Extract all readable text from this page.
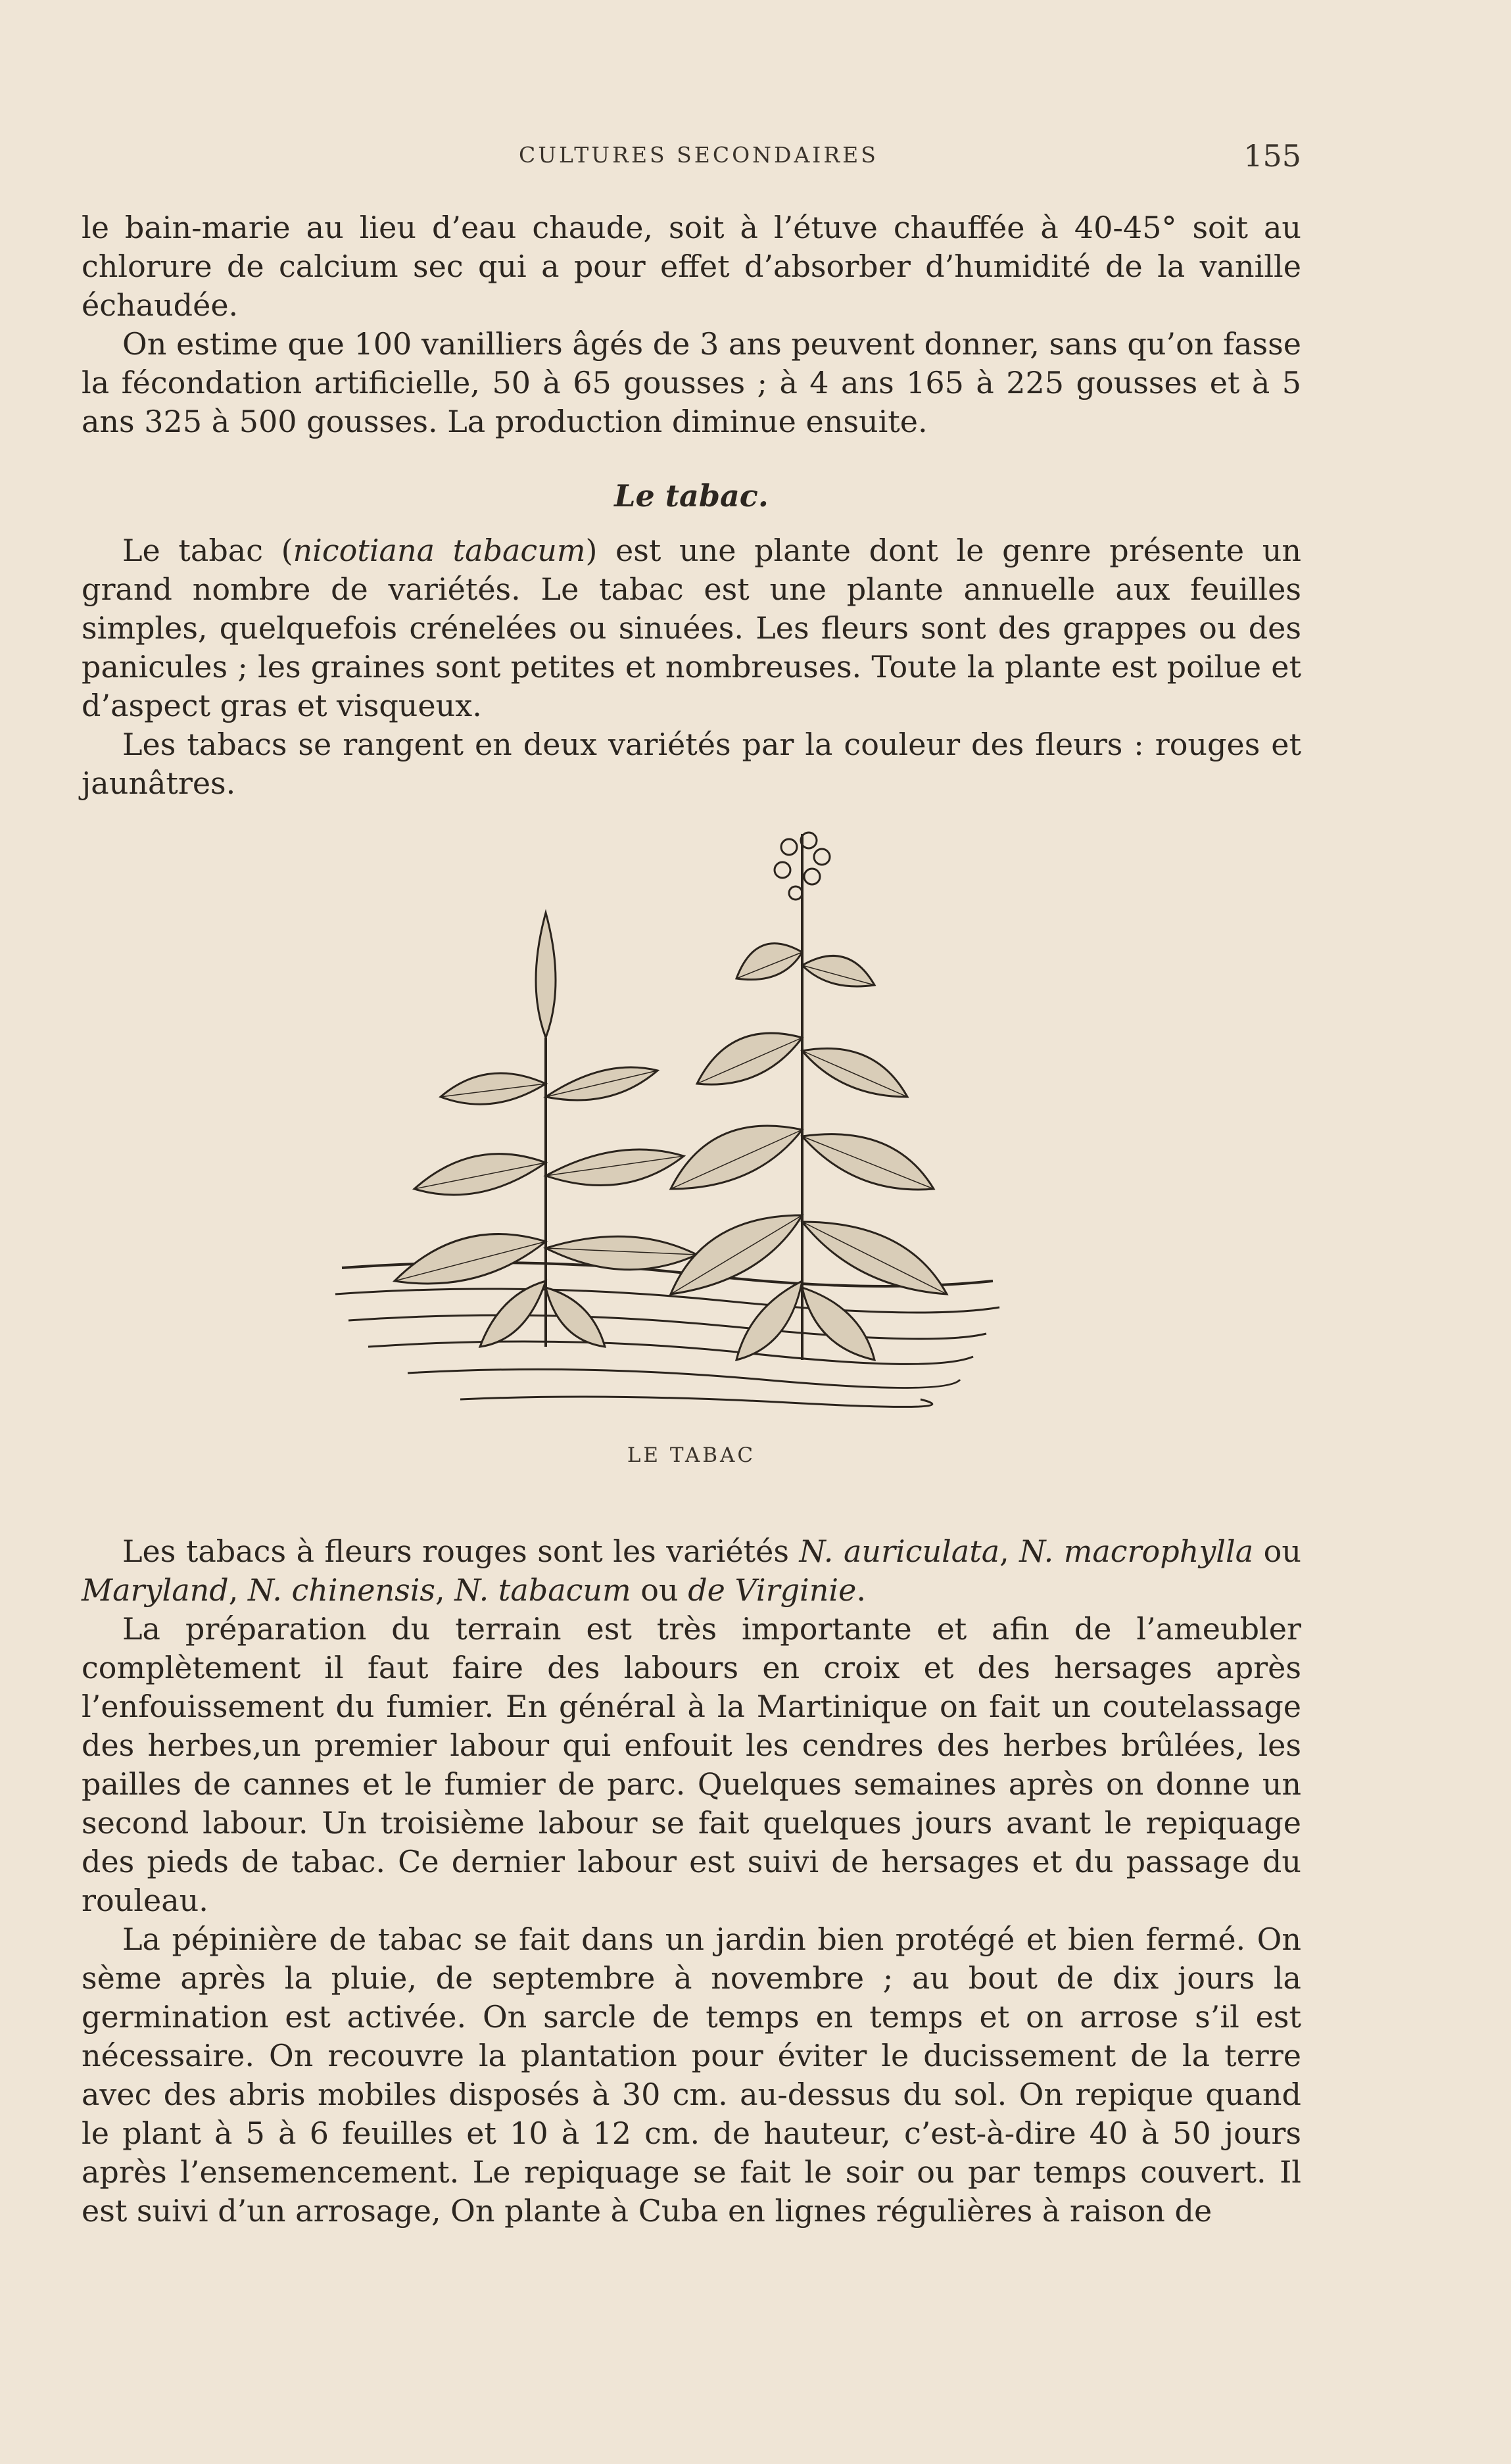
CULTURES SECONDAIRES	155

le bain-marie au lieu d’eau chaude, soit à l’étuve chauffée à 40-45° soit au chlorure de calcium sec qui a pour effet d’absorber d’humidité de la vanille échaudée.

On estime que 100 vanilliers âgés de 3 ans peuvent donner, sans qu’on fasse la fécondation artificielle, 50 à 65 gousses ; à 4 ans 165 à 225 gousses et à 5 ans 325 à 500 gousses. La production diminue ensuite.

Le tabac.

Le tabac (nicotiana tabacum) est une plante dont le genre présente un grand nombre de variétés. Le tabac est une plante annuelle aux feuilles simples, quelquefois crénelées ou sinuées. Les fleurs sont des grappes ou des panicules ; les graines sont petites et nombreuses. Toute la plante est poilue et d’aspect gras et visqueux.

Les tabacs se rangent en deux variétés par la couleur des fleurs : rouges et jaunâtres.

LE TABAC

Les tabacs à fleurs rouges sont les variétés N. auriculata, N. macrophylla ou Maryland, N. chinensis, N. tabacum ou de Virginie.

La préparation du terrain est très importante et afin de l’ameubler complètement il faut faire des labours en croix et des hersages après l’enfouissement du fumier. En général à la Martinique on fait un coutelassage des herbes,un premier labour qui enfouit les cendres des herbes brûlées, les pailles de cannes et le fumier de parc. Quelques semaines après on donne un second labour. Un troisième labour se fait quelques jours avant le repiquage des pieds de tabac. Ce dernier labour est suivi de hersages et du passage du rouleau.

La pépinière de tabac se fait dans un jardin bien protégé et bien fermé. On sème après la pluie, de septembre à novembre ; au bout de dix jours la germination est activée. On sarcle de temps en temps et on arrose s’il est nécessaire. On recouvre la plantation pour éviter le ducissement de la terre avec des abris mobiles disposés à 30 cm. au-dessus du sol. On repique quand le plant à 5 à 6 feuilles et 10 à 12 cm. de hauteur, c’est-à-dire 40 à 50 jours après l’ensemencement. Le repiquage se fait le soir ou par temps couvert. Il est suivi d’un arrosage, On plante à Cuba en lignes régulières à raison de
